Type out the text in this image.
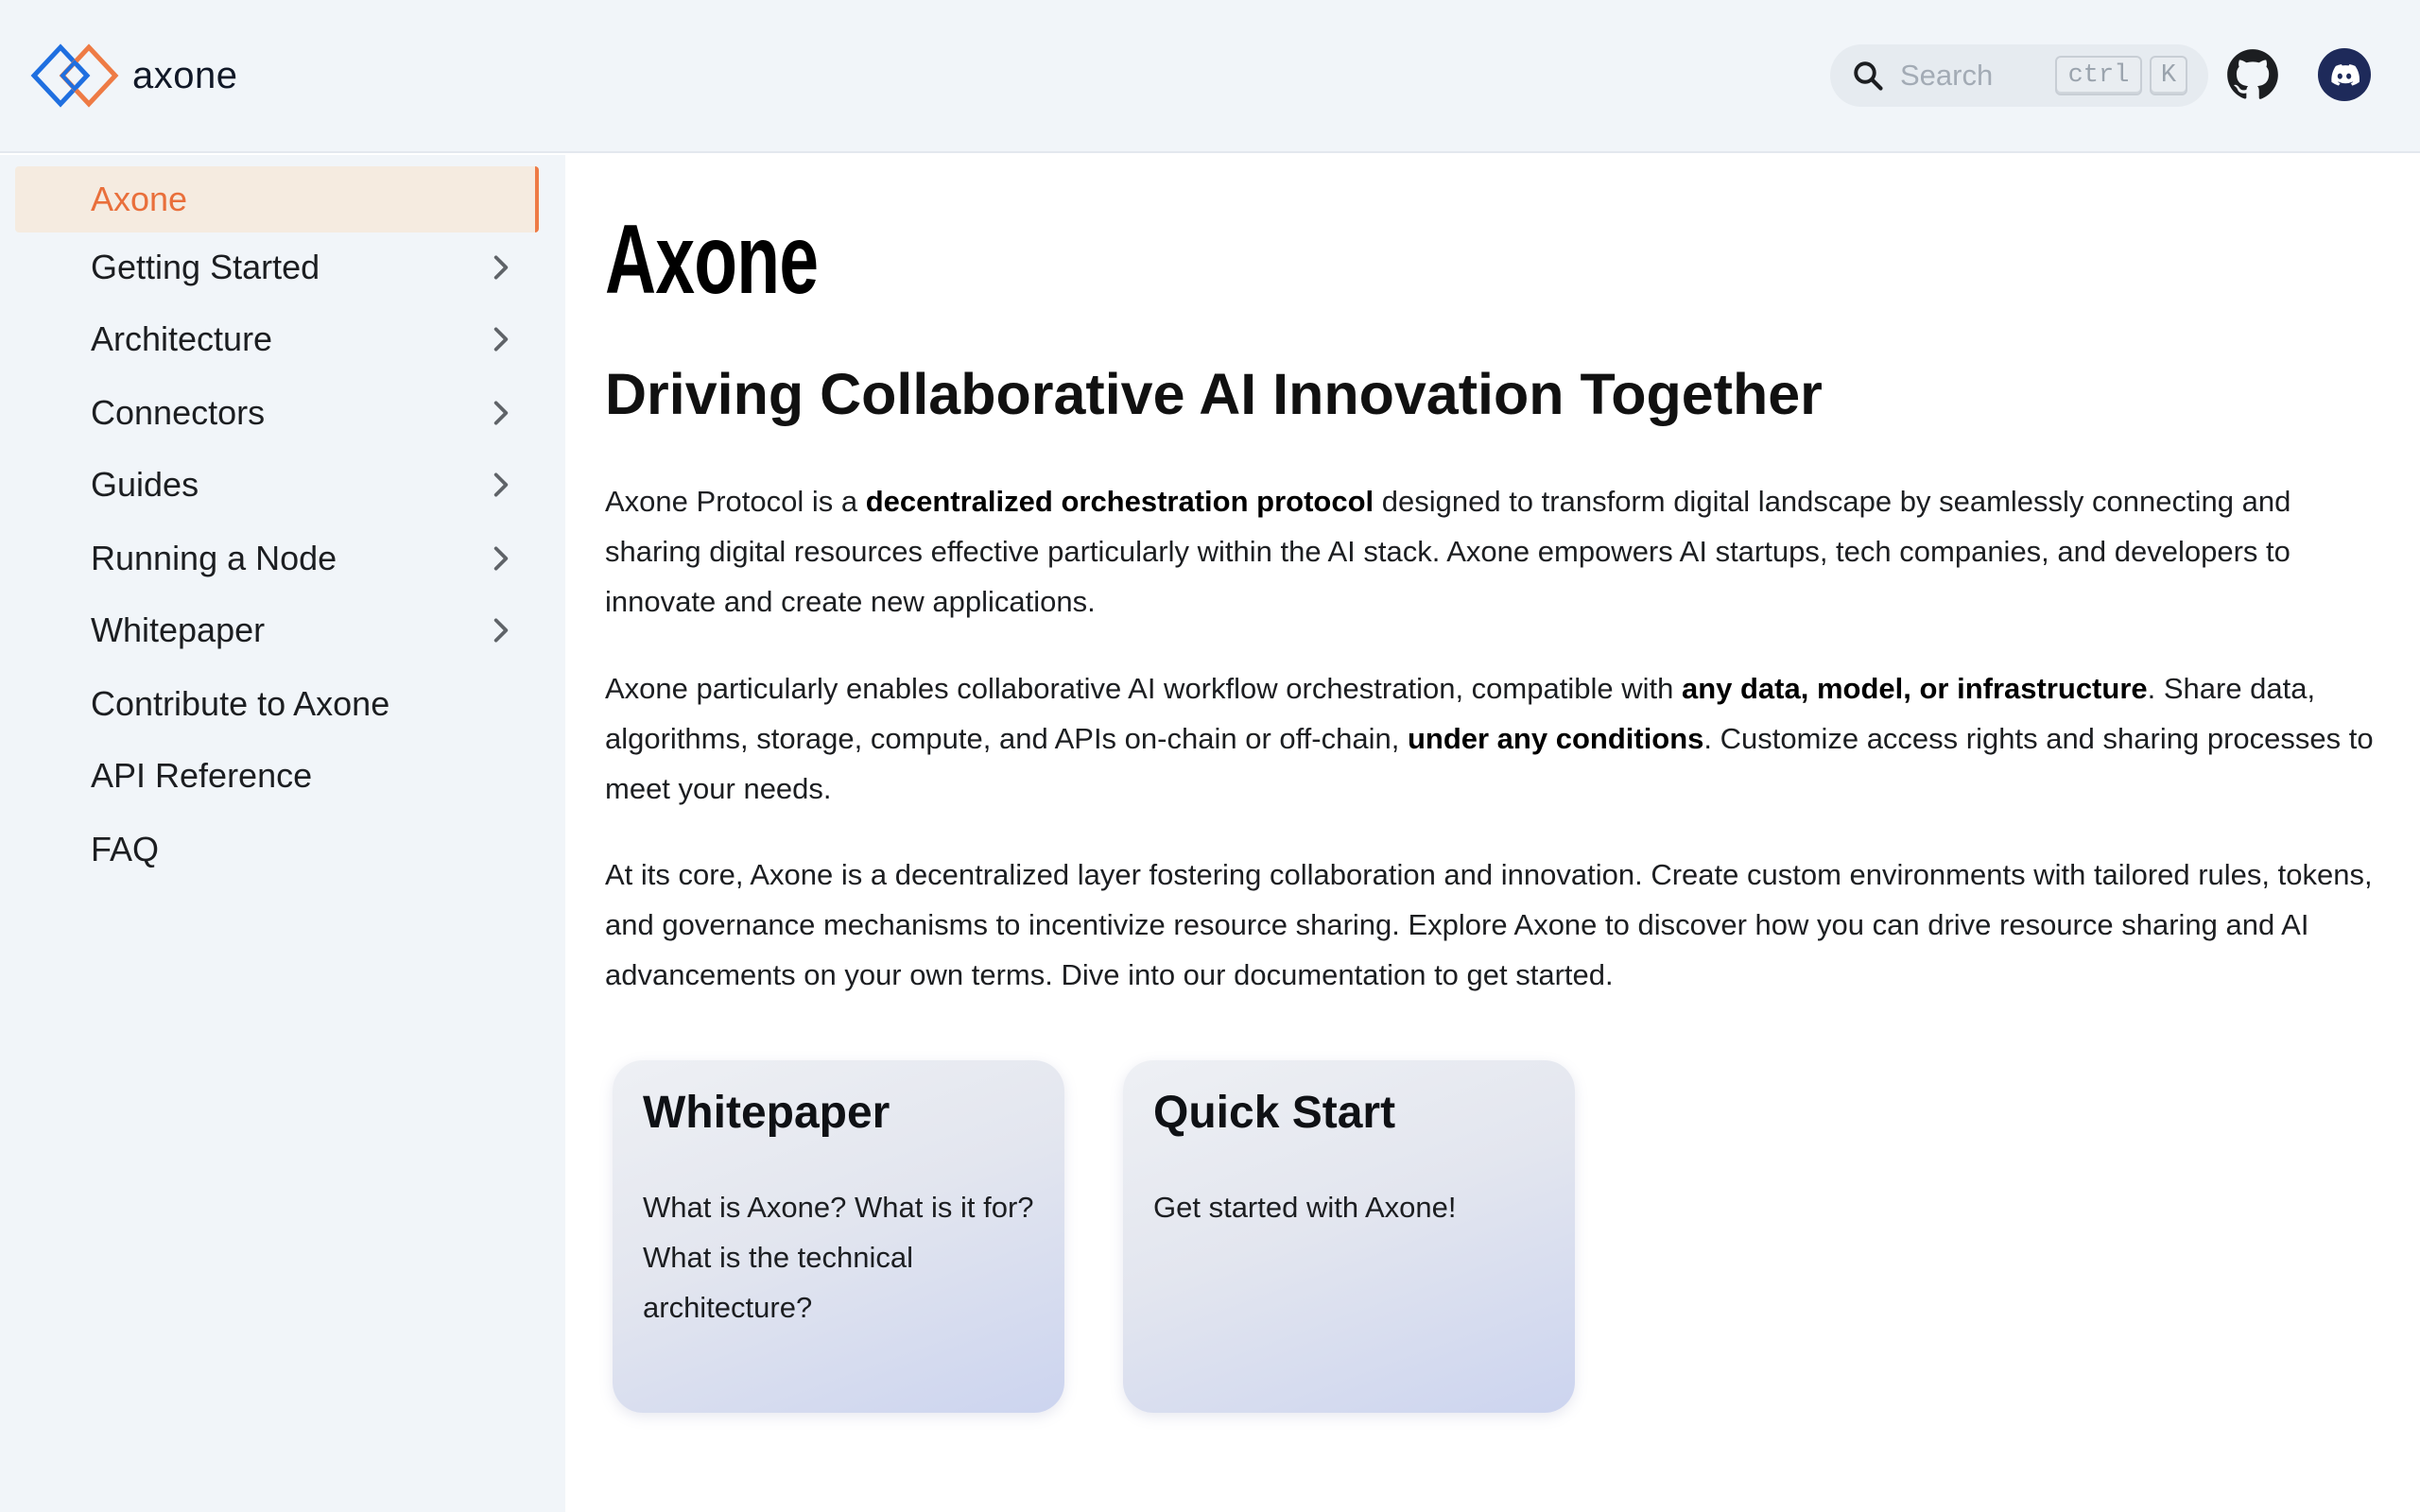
axone
Search	ctrl	K
Axone
Getting Started
Architecture
Connectors
Guides
Running a Node
Whitepaper
Contribute to Axone
API Reference
FAQ
Axone
Driving Collaborative AI Innovation Together

Axone Protocol is a decentralized orchestration protocol designed to transform digital landscape by seamlessly connecting and sharing digital resources effective particularly within the AI stack. Axone empowers AI startups, tech companies, and developers to innovate and create new applications.

Axone particularly enables collaborative AI workflow orchestration, compatible with any data, model, or infrastructure. Share data, algorithms, storage, compute, and APIs on-chain or off-chain, under any conditions. Customize access rights and sharing processes to meet your needs.

At its core, Axone is a decentralized layer fostering collaboration and innovation. Create custom environments with tailored rules, tokens, and governance mechanisms to incentivize resource sharing. Explore Axone to discover how you can drive resource sharing and AI advancements on your own terms. Dive into our documentation to get started.

Whitepaper
What is Axone? What is it for? What is the technical architecture?
Quick Start
Get started with Axone!
